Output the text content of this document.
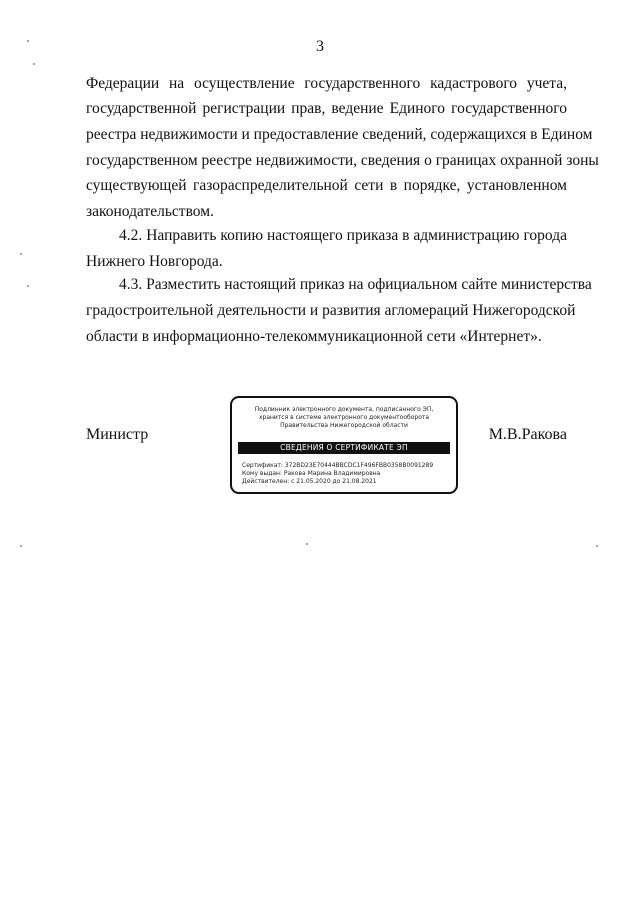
3
Федерации на осуществление государственного кадастрового учета,
государственной регистрации прав, ведение Единого государственного
реестра недвижимости и предоставление сведений, содержащихся в Едином
государственном реестре недвижимости, сведения о границах охранной зоны
существующей газораспределительной сети в порядке, установленном
законодательством.
4.2. Направить копию настоящего приказа в администрацию города
Нижнего Новгорода.
4.3. Разместить настоящий приказ на официальном сайте министерства
градостроительной деятельности и развития агломераций Нижегородской
области в информационно-телекоммуникационной сети «Интернет».
Министр
Подлинник электронного документа, подписанного ЭП,
хранится в системе электронного документооборота
Правительства Нижегородской области
СВЕДЕНИЯ О СЕРТИФИКАТЕ ЭП
Сертификат: 372BD23E70444BBCDC1F496FBB0358B0091289
Кому выдан: Ракова Марина Владимировна
Действителен: с 21.05.2020 до 21.08.2021
М.В.Ракова
